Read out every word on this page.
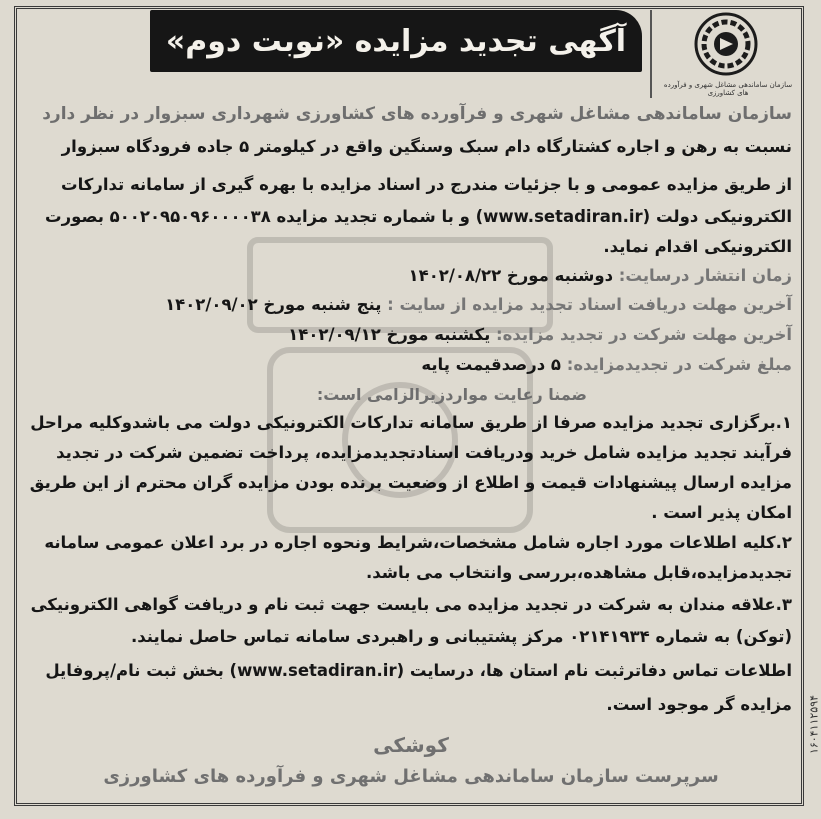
آگهی تجدید مزایده «نوبت دوم»
سازمان ساماندهی مشاغل شهری و فرآورده های کشاورزی
سازمان ساماندهی مشاغل شهری و فرآورده های کشاورزی شهرداری سبزوار در نظر دارد
نسبت به رهن و اجاره کشتارگاه دام سبک وسنگین واقع در کیلومتر ۵ جاده فرودگاه سبزوار
از طریق مزایده عمومی و با جزئیات مندرج در اسناد مزایده با بهره گیری از سامانه تدارکات
الکترونیکی دولت (www.setadiran.ir) و با شماره تجدید مزایده ۵۰۰۲۰۹۵۰۹۶۰۰۰۰۳۸ بصورت
الکترونیکی اقدام نماید.
زمان انتشار درسایت: دوشنبه مورخ ۱۴۰۲/۰۸/۲۲
آخرین مهلت دریافت اسناد تجدید مزایده از سایت : پنج شنبه مورخ ۱۴۰۲/۰۹/۰۲
آخرین مهلت شرکت در تجدید مزایده: یکشنبه مورخ ۱۴۰۲/۰۹/۱۲
مبلغ شرکت در تجدیدمزایده: ۵ درصدقیمت پایه
ضمنا رعایت مواردزیرالزامی است:
۱.برگزاری تجدید مزایده صرفا از طریق سامانه تدارکات الکترونیکی دولت می باشدوکلیه مراحل
فرآیند تجدید مزایده شامل خرید ودریافت اسنادتجدیدمزایده، پرداخت تضمین شرکت در تجدید
مزایده ارسال پیشنهادات قیمت و اطلاع از وضعیت برنده بودن مزایده گران محترم از این طریق
امکان پذیر است .
۲.کلیه اطلاعات مورد اجاره شامل مشخصات،شرایط ونحوه اجاره در برد اعلان عمومی سامانه
تجدیدمزایده،قابل مشاهده،بررسی وانتخاب می باشد.
۳.علاقه مندان به شرکت در تجدید مزایده می بایست جهت ثبت نام و دریافت گواهی الکترونیکی
(توکن) به شماره ۰۲۱۴۱۹۳۴ مرکز پشتیبانی و راهبردی سامانه تماس حاصل نمایند.
اطلاعات تماس دفاترثبت نام استان ها، درسایت (www.setadiran.ir) بخش ثبت نام/پروفایل
مزایده گر موجود است.
کوشکی
سرپرست سازمان ساماندهی مشاغل شهری و فرآورده های کشاورزی
۱۶۰۴۱۱۲۵۹۴
